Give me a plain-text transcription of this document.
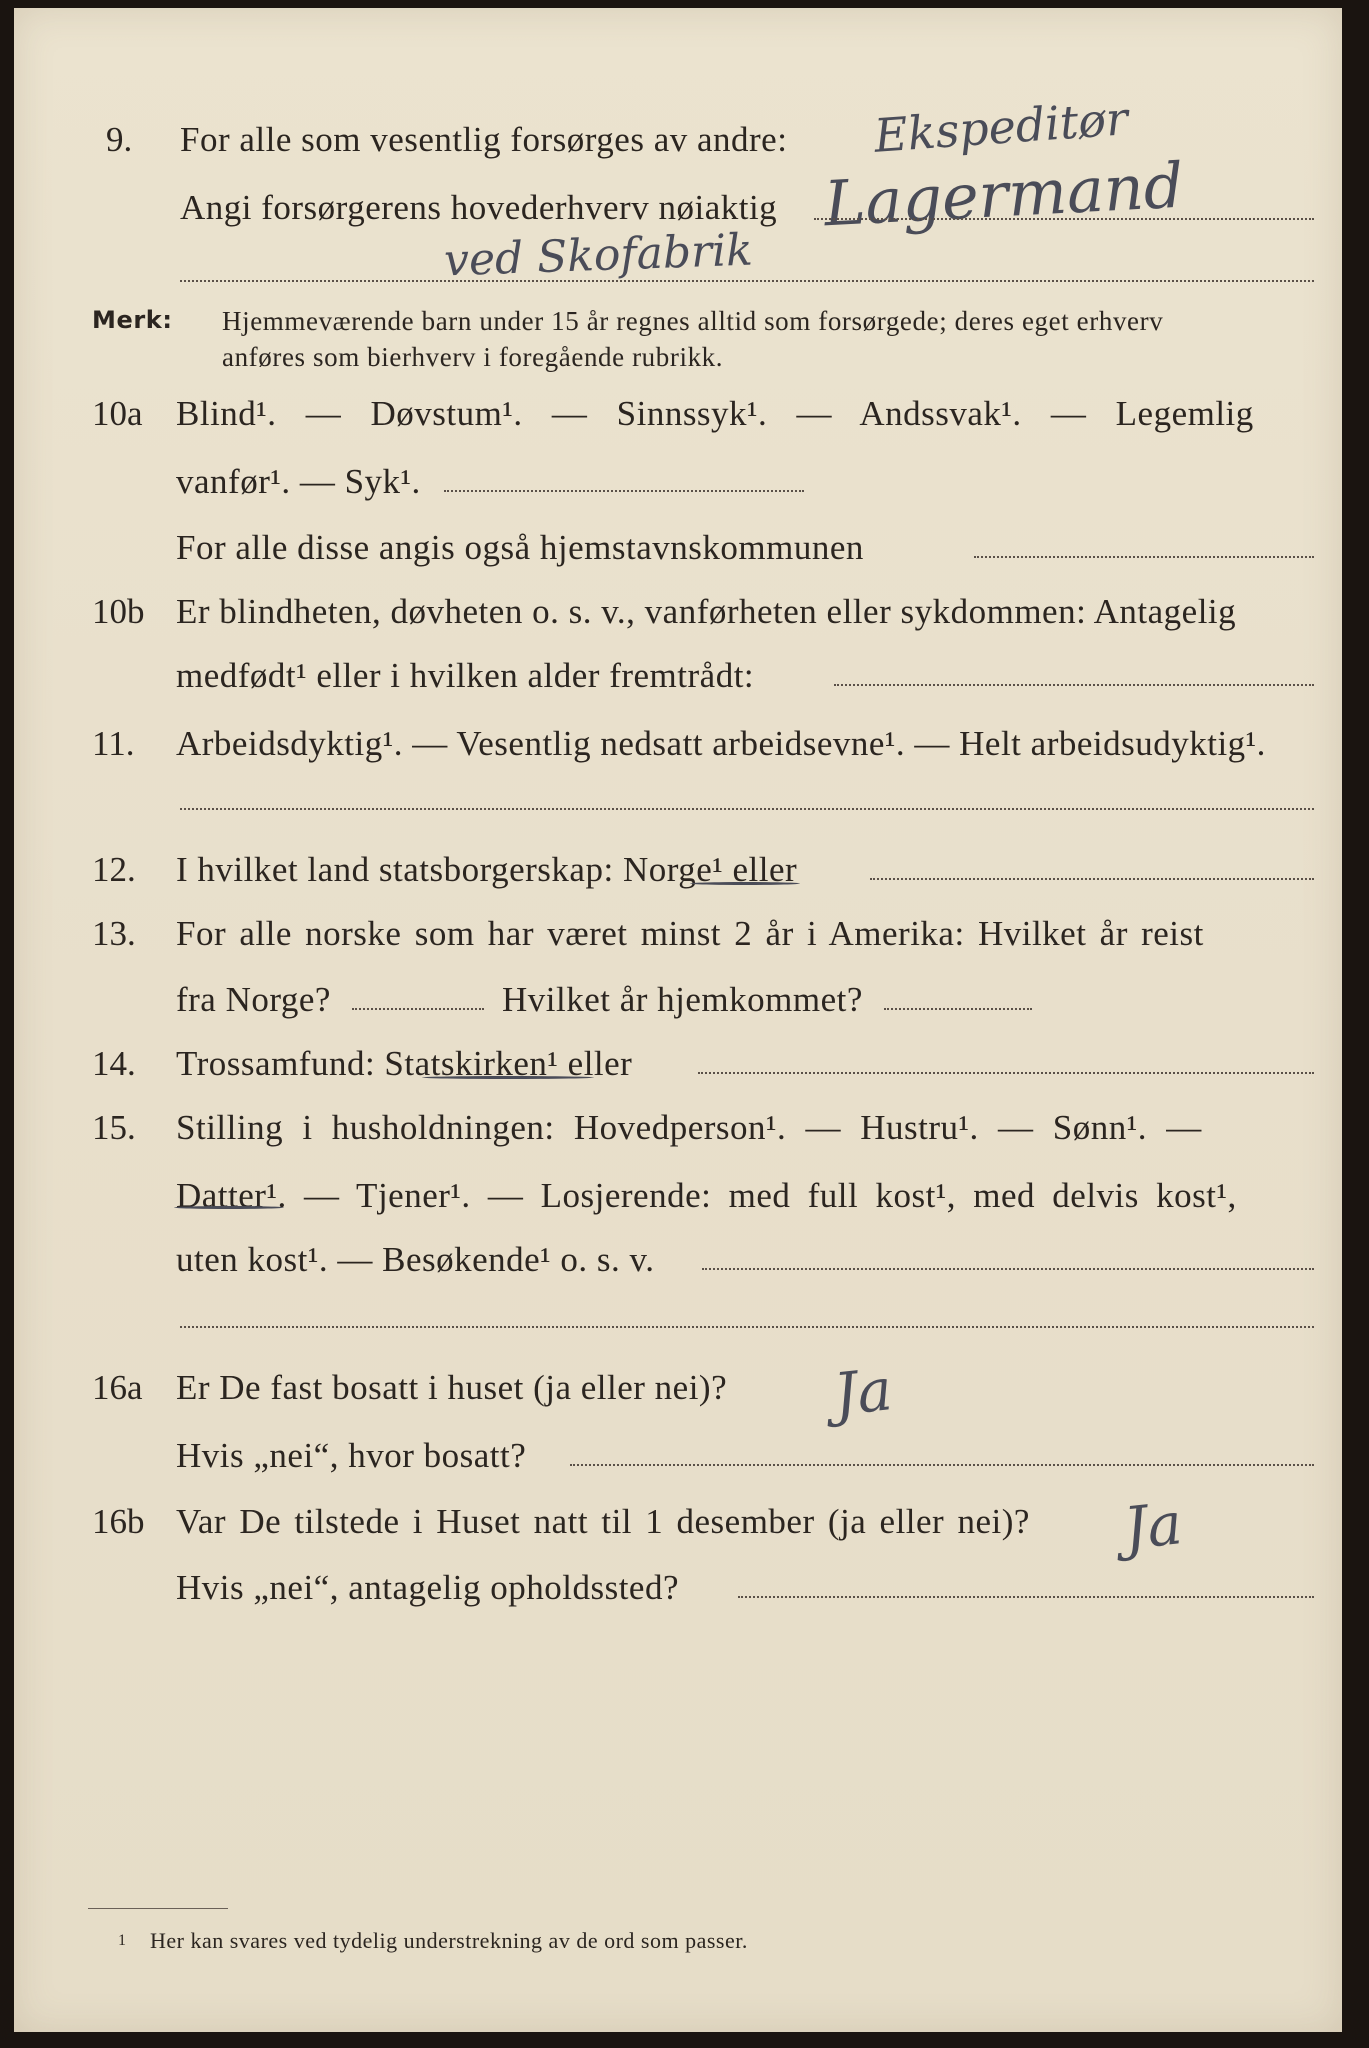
9. For alle som vesentlig forsørges av andre: Ekspeditør
Angi forsørgerens hovederhverv nøiaktig Lagermand
ved Skofabrik
Merk: Hjemmeværende barn under 15 år regnes alltid som forsørgede; deres eget erhverv
anføres som bierhverv i foregående rubrikk.
10a Blind¹. — Døvstum¹. — Sinnssyk¹. — Andssvak¹. — Legemlig
vanfør¹. — Syk¹.
For alle disse angis også hjemstavnskommunen
10b Er blindheten, døvheten o. s. v., vanførheten eller sykdommen: Antagelig
medfødt¹ eller i hvilken alder fremtrådt:
11. Arbeidsdyktig¹. — Vesentlig nedsatt arbeidsevne¹. — Helt arbeidsudyktig¹.
12. I hvilket land statsborgerskap: Norge¹ eller
13. For alle norske som har været minst 2 år i Amerika: Hvilket år reist
fra Norge?	Hvilket år hjemkommet?
14. Trossamfund: Statskirken¹ eller
15. Stilling i husholdningen: Hovedperson¹. — Hustru¹. — Sønn¹. —
Datter¹. — Tjener¹. — Losjerende: med full kost¹, med delvis kost¹,
uten kost¹. — Besøkende¹ o. s. v.
16a Er De fast bosatt i huset (ja eller nei)? Ja
Hvis „nei“, hvor bosatt?
16b Var De tilstede i Huset natt til 1 desember (ja eller nei)? Ja
Hvis „nei“, antagelig opholdssted?
1 Her kan svares ved tydelig understrekning av de ord som passer.
